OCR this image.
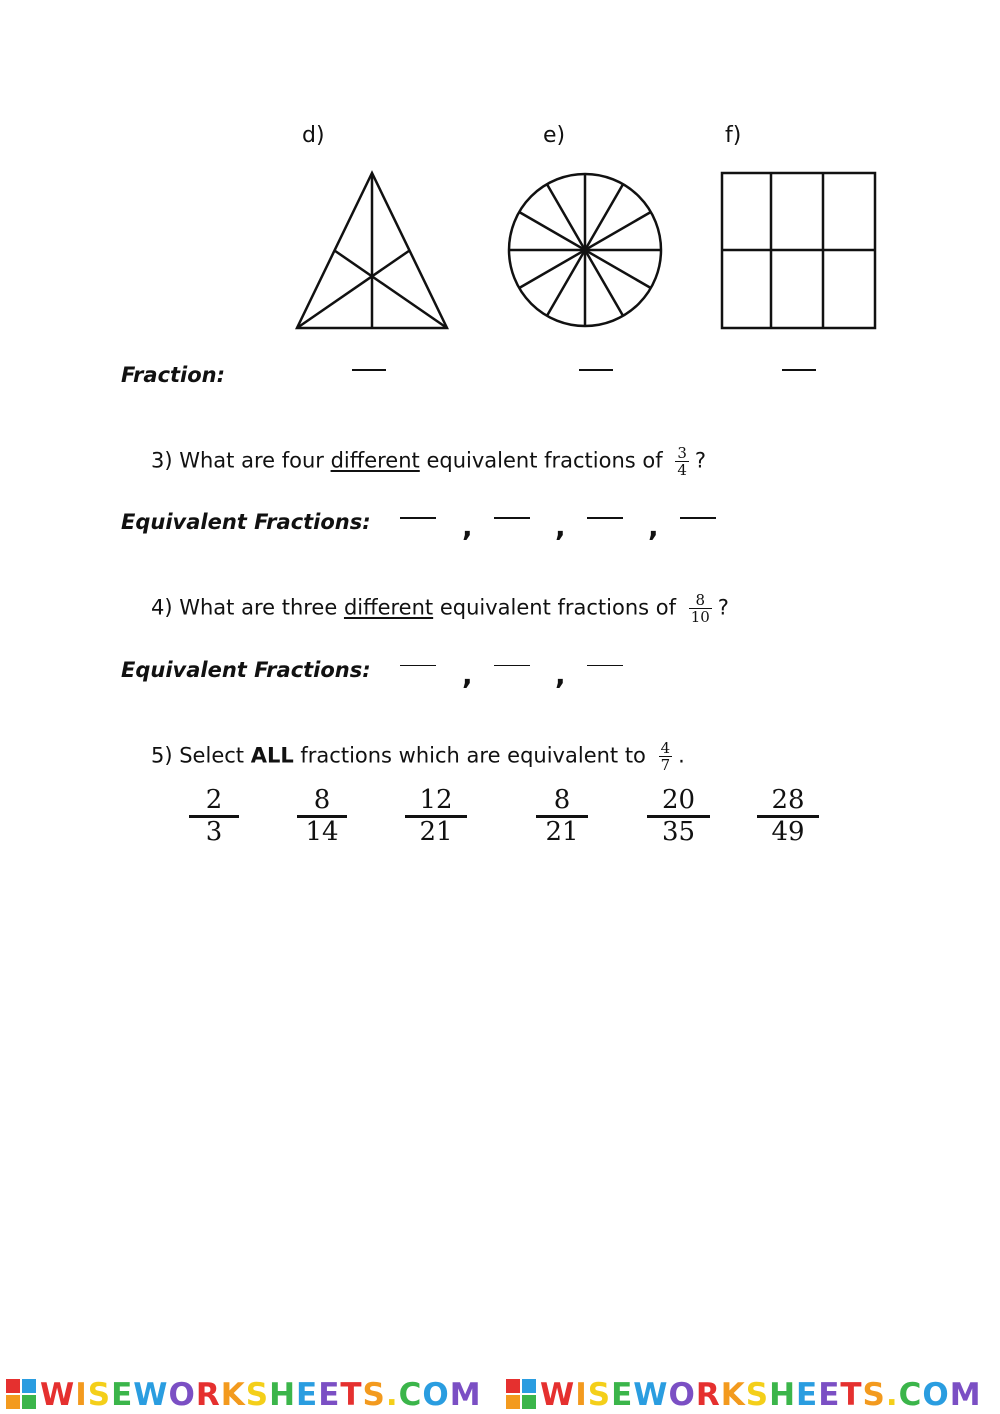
d)	e)	f)
Fraction:
3) What are four different equivalent fractions of $\frac{3}{4}$ ?
Equivalent Fractions:	,	,	,
4) What are three different equivalent fractions of $\frac{8}{10}$ ?
Equivalent Fractions:	,	,
5) Select ALL fractions which are equivalent to $\frac{4}{7}$ .
$\frac{2}{3} \frac{8}{14} \frac{12}{21}$	$\frac{8}{21} \frac{20}{35} \frac{28}{49}$
WISEWORKSHEETS.COM	WISEWORKSHEETS.COM
